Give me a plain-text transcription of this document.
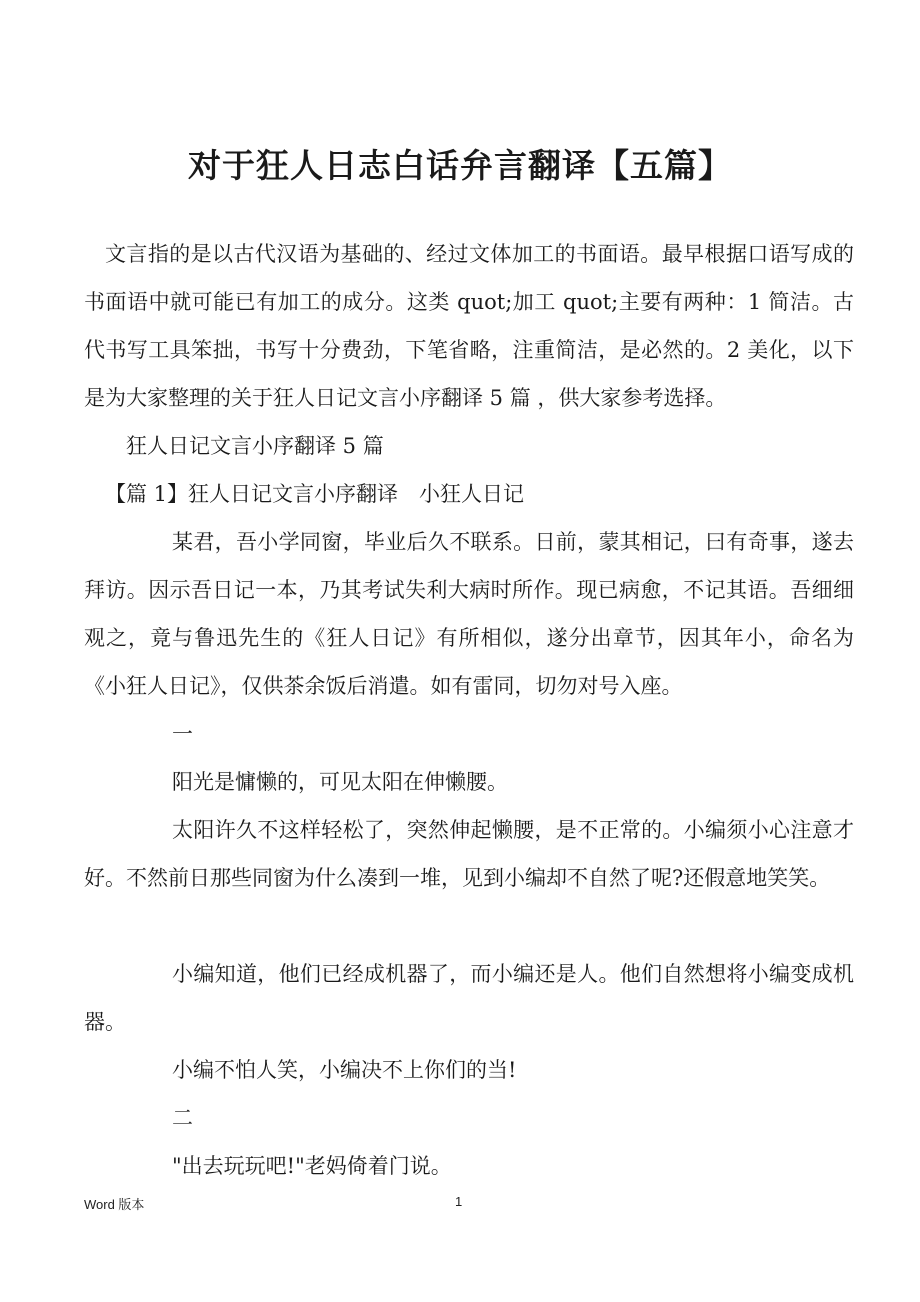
对于狂人日志白话弁言翻译【五篇】

文言指的是以古代汉语为基础的、经过文体加工的书面语。最早根据口语写成的书面语中就可能已有加工的成分。这类 quot;加工 quot;主要有两种：1 简洁。古代书写工具笨拙，书写十分费劲，下笔省略，注重简洁，是必然的。2 美化，以下是为大家整理的关于狂人日记文言小序翻译 5 篇 ，供大家参考选择。

狂人日记文言小序翻译 5 篇

【篇 1】狂人日记文言小序翻译　小狂人日记

某君，吾小学同窗，毕业后久不联系。日前，蒙其相记，曰有奇事，遂去拜访。因示吾日记一本，乃其考试失利大病时所作。现已病愈，不记其语。吾细细观之，竟与鲁迅先生的《狂人日记》有所相似，遂分出章节，因其年小，命名为《小狂人日记》，仅供茶余饭后消遣。如有雷同，切勿对号入座。

一

阳光是慵懒的，可见太阳在伸懒腰。

太阳许久不这样轻松了，突然伸起懒腰，是不正常的。小编须小心注意才好。不然前日那些同窗为什么凑到一堆，见到小编却不自然了呢?还假意地笑笑。

小编知道，他们已经成机器了，而小编还是人。他们自然想将小编变成机器。

小编不怕人笑，小编决不上你们的当!

二

"出去玩玩吧!"老妈倚着门说。

Word 版本	1
